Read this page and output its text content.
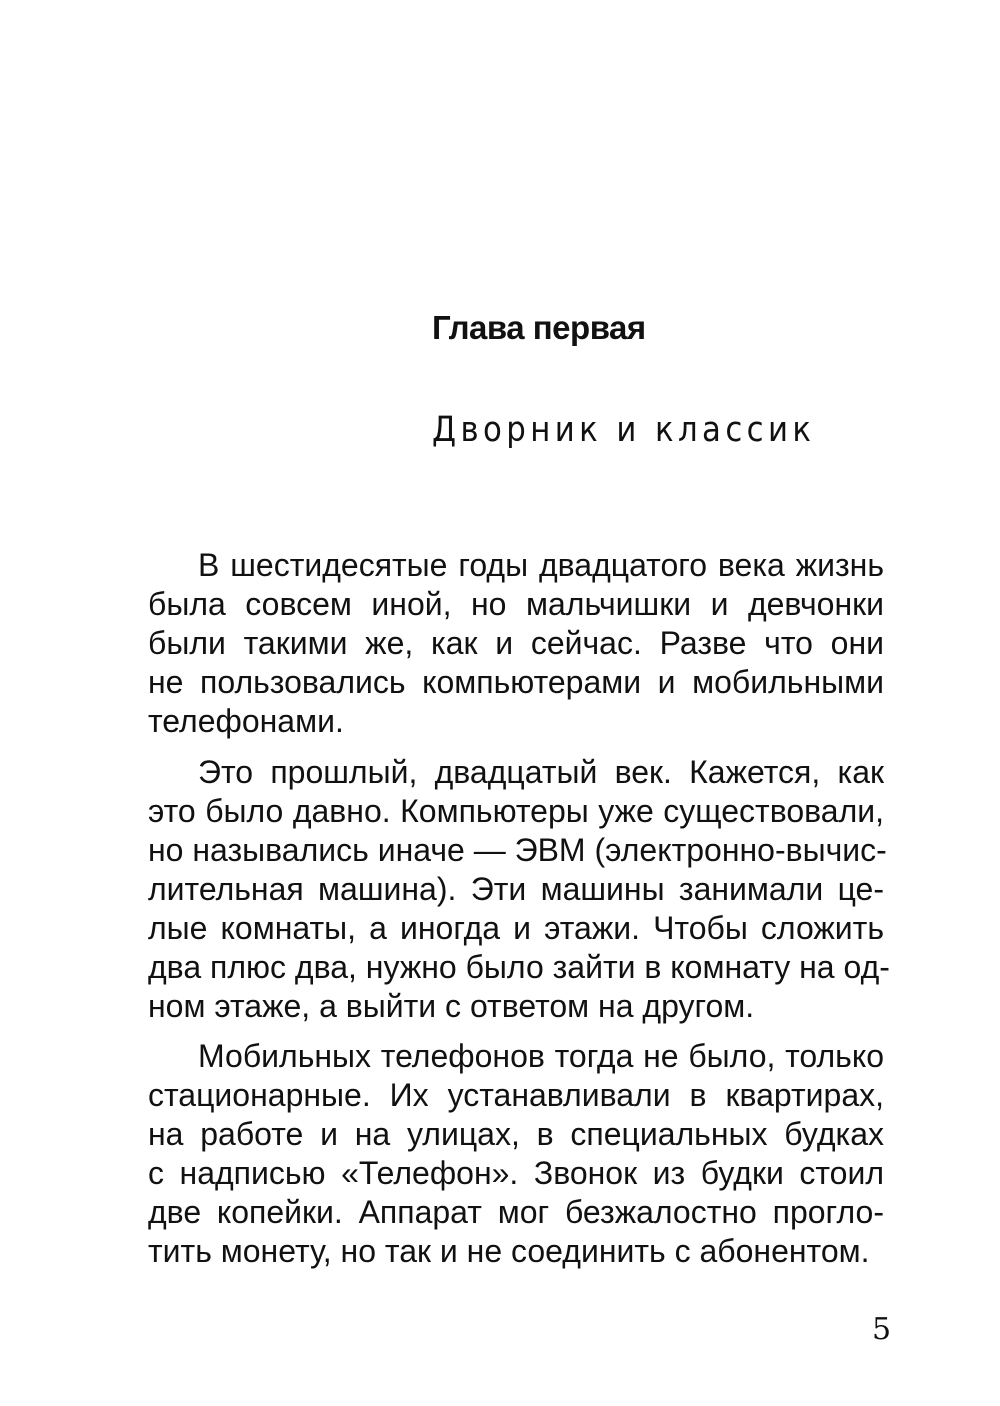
Глава первая
Дворник и классик
В шестидесятые годы двадцатого века жизнь
была совсем иной, но мальчишки и девчонки
были такими же, как и сейчас. Разве что они
не пользовались компьютерами и мобильными
телефонами.
Это прошлый, двадцатый век. Кажется, как
это было давно. Компьютеры уже существовали,
но назывались иначе — ЭВМ (электронно-вычис-
лительная машина). Эти машины занимали це-
лые комнаты, а иногда и этажи. Чтобы сложить
два плюс два, нужно было зайти в комнату на од-
ном этаже, а выйти с ответом на другом.
Мобильных телефонов тогда не было, только
стационарные. Их устанавливали в квартирах,
на работе и на улицах, в специальных будках
с надписью «Телефон». Звонок из будки стоил
две копейки. Аппарат мог безжалостно прогло-
тить монету, но так и не соединить с абонентом.
5
